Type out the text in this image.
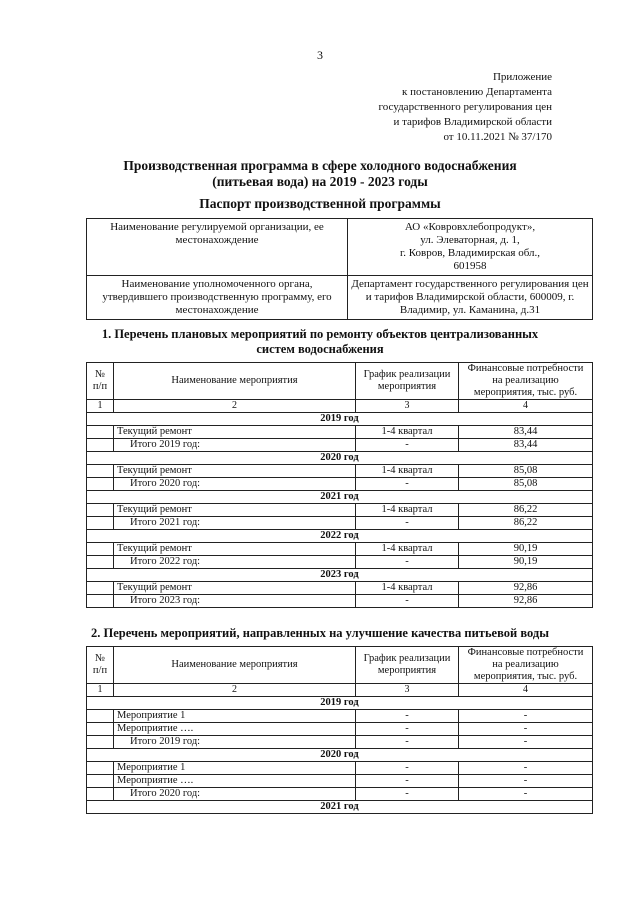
3
Приложение
к постановлению Департамента
государственного регулирования цен
и тарифов Владимирской области
от 10.11.2021 № 37/170
Производственная программа в сфере холодного водоснабжения
(питьевая вода) на 2019 - 2023 годы
Паспорт производственной программы
Наименование регулируемой организации, ее местонахождение	АО «Ковровхлебопродукт»,
ул. Элеваторная, д. 1,
г. Ковров, Владимирская обл.,
601958

Наименование уполномоченного органа, утвердившего производственную программу, его местонахождение	Департамент государственного регулирования цен и тарифов Владимирской области, 600009, г. Владимир, ул. Каманина, д.31
1. Перечень плановых мероприятий по ремонту объектов централизованных
систем водоснабжения
№ п/п	Наименование мероприятия	График реализации мероприятия	Финансовые потребности на реализацию мероприятия, тыс. руб.
1	2	3	4
2019 год			
	Текущий ремонт	1-4 квартал	83,44
	Итого 2019 год:	-	83,44
2020 год			
	Текущий ремонт	1-4 квартал	85,08
	Итого 2020 год:	-	85,08
2021 год			
	Текущий ремонт	1-4 квартал	86,22
	Итого 2021 год:	-	86,22
2022 год			
	Текущий ремонт	1-4 квартал	90,19
	Итого 2022 год:	-	90,19
2023 год			
	Текущий ремонт	1-4 квартал	92,86
	Итого 2023 год:	-	92,86
2. Перечень мероприятий, направленных на улучшение качества питьевой воды
№ п/п	Наименование мероприятия	График реализации мероприятия	Финансовые потребности на реализацию мероприятия, тыс. руб.
1	2	3	4
2019 год			
	Мероприятие 1	-	-
	Мероприятие ….	-	-
	Итого 2019 год:	-	-
2020 год			
	Мероприятие 1	-	-
	Мероприятие ….	-	-
	Итого 2020 год:	-	-
2021 год			
